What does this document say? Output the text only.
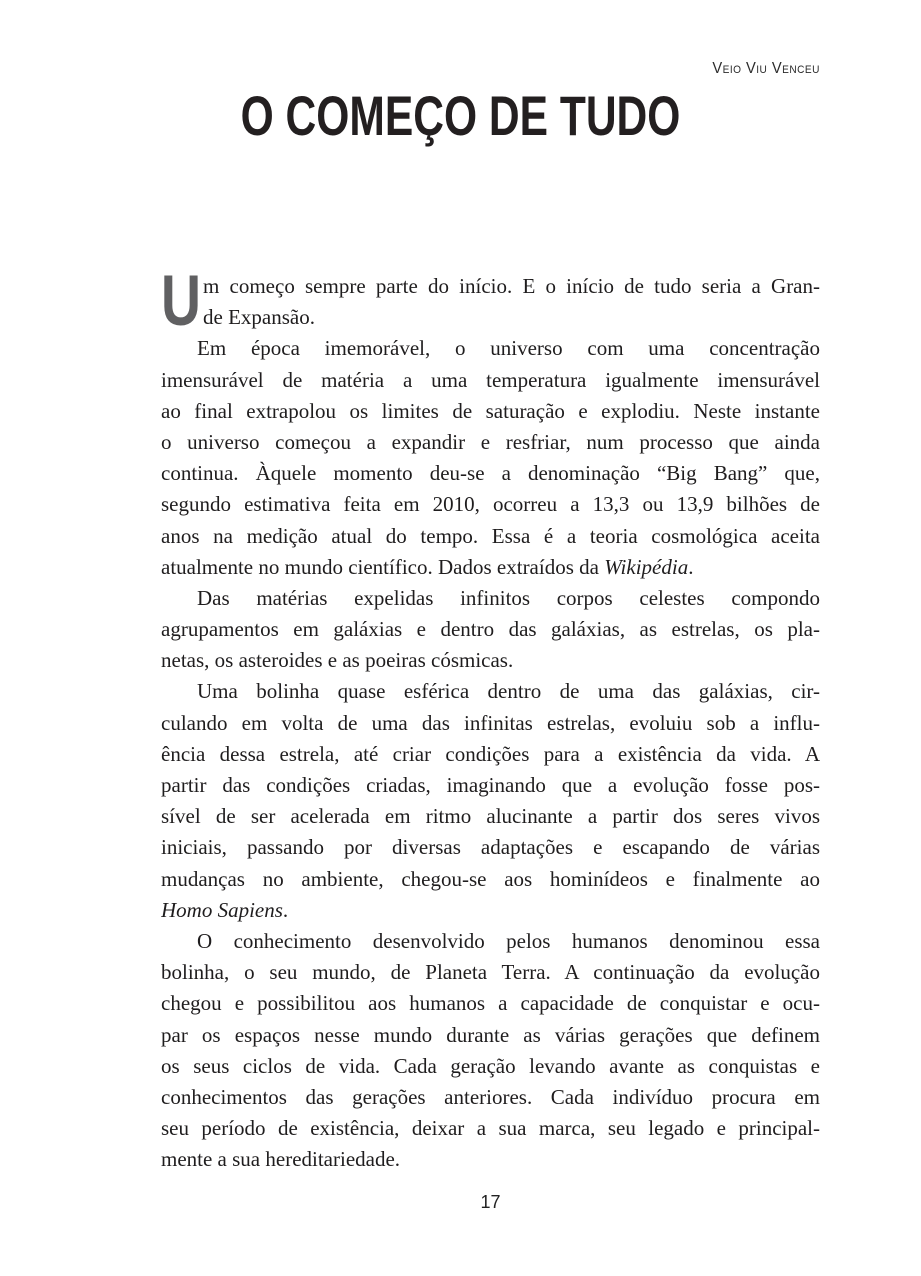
Veio Viu Venceu
O COMEÇO DE TUDO
U m começo sempre parte do início. E o início de tudo seria a Gran-
de Expansão.
Em época imemorável, o universo com uma concentração
imensurável de matéria a uma temperatura igualmente imensurável
ao final extrapolou os limites de saturação e explodiu. Neste instante
o universo começou a expandir e resfriar, num processo que ainda
continua. Àquele momento deu-se a denominação “Big Bang” que,
segundo estimativa feita em 2010, ocorreu a 13,3 ou 13,9 bilhões de
anos na medição atual do tempo. Essa é a teoria cosmológica aceita
atualmente no mundo científico. Dados extraídos da Wikipédia.
Das matérias expelidas infinitos corpos celestes compondo
agrupamentos em galáxias e dentro das galáxias, as estrelas, os pla-
netas, os asteroides e as poeiras cósmicas.
Uma bolinha quase esférica dentro de uma das galáxias, cir-
culando em volta de uma das infinitas estrelas, evoluiu sob a influ-
ência dessa estrela, até criar condições para a existência da vida. A
partir das condições criadas, imaginando que a evolução fosse pos-
sível de ser acelerada em ritmo alucinante a partir dos seres vivos
iniciais, passando por diversas adaptações e escapando de várias
mudanças no ambiente, chegou-se aos hominídeos e finalmente ao
Homo Sapiens.
O conhecimento desenvolvido pelos humanos denominou essa
bolinha, o seu mundo, de Planeta Terra. A continuação da evolução
chegou e possibilitou aos humanos a capacidade de conquistar e ocu-
par os espaços nesse mundo durante as várias gerações que definem
os seus ciclos de vida. Cada geração levando avante as conquistas e
conhecimentos das gerações anteriores. Cada indivíduo procura em
seu período de existência, deixar a sua marca, seu legado e principal-
mente a sua hereditariedade.
17
